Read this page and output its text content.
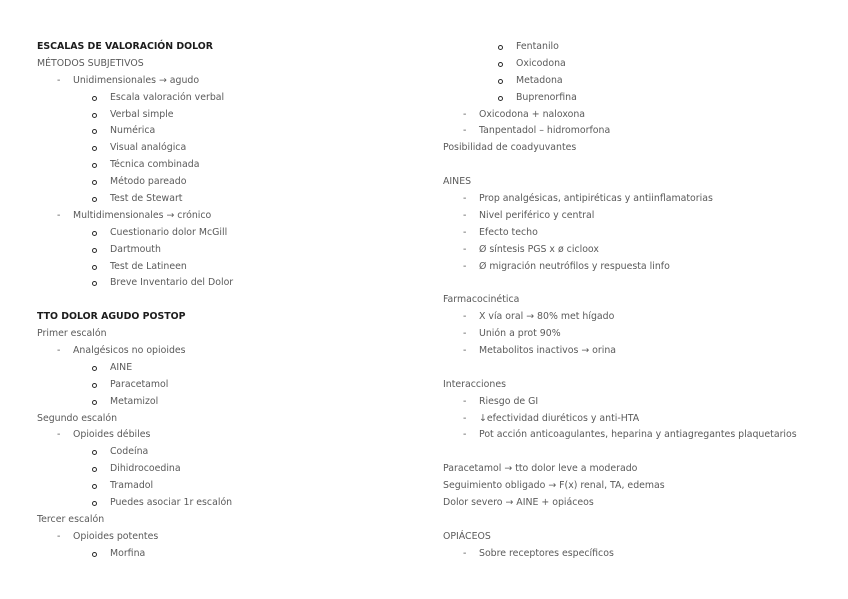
ESCALAS DE VALORACIÓN DOLOR
MÉTODOS SUBJETIVOS
- Unidimensionales → agudo
Escala valoración verbal
Verbal simple
Numérica
Visual analógica
Técnica combinada
Método pareado
Test de Stewart
- Multidimensionales → crónico
Cuestionario dolor McGill
Dartmouth
Test de Latineen
Breve Inventario del Dolor
TTO DOLOR AGUDO POSTOP
Primer escalón
- Analgésicos no opioides
AINE
Paracetamol
Metamizol
Segundo escalón
- Opioides débiles
Codeína
Dihidrocoedina
Tramadol
Puedes asociar 1r escalón
Tercer escalón
- Opioides potentes
Morfina
Fentanilo
Oxicodona
Metadona
Buprenorfina
- Oxicodona + naloxona
- Tanpentadol – hidromorfona
Posibilidad de coadyuvantes
AINES
- Prop analgésicas, antipiréticas y antiinflamatorias
- Nivel periférico y central
- Efecto techo
- Ø síntesis PGS x ø cicloox
- Ø migración neutrófilos y respuesta linfo
Farmacocinética
- X vía oral → 80% met hígado
- Unión a prot 90%
- Metabolitos inactivos → orina
Interacciones
- Riesgo de GI
- ↓efectividad diuréticos y anti-HTA
- Pot acción anticoagulantes, heparina y antiagregantes plaquetarios
Paracetamol → tto dolor leve a moderado
Seguimiento obligado → F(x) renal, TA, edemas
Dolor severo → AINE + opiáceos
OPIÁCEOS
- Sobre receptores específicos
